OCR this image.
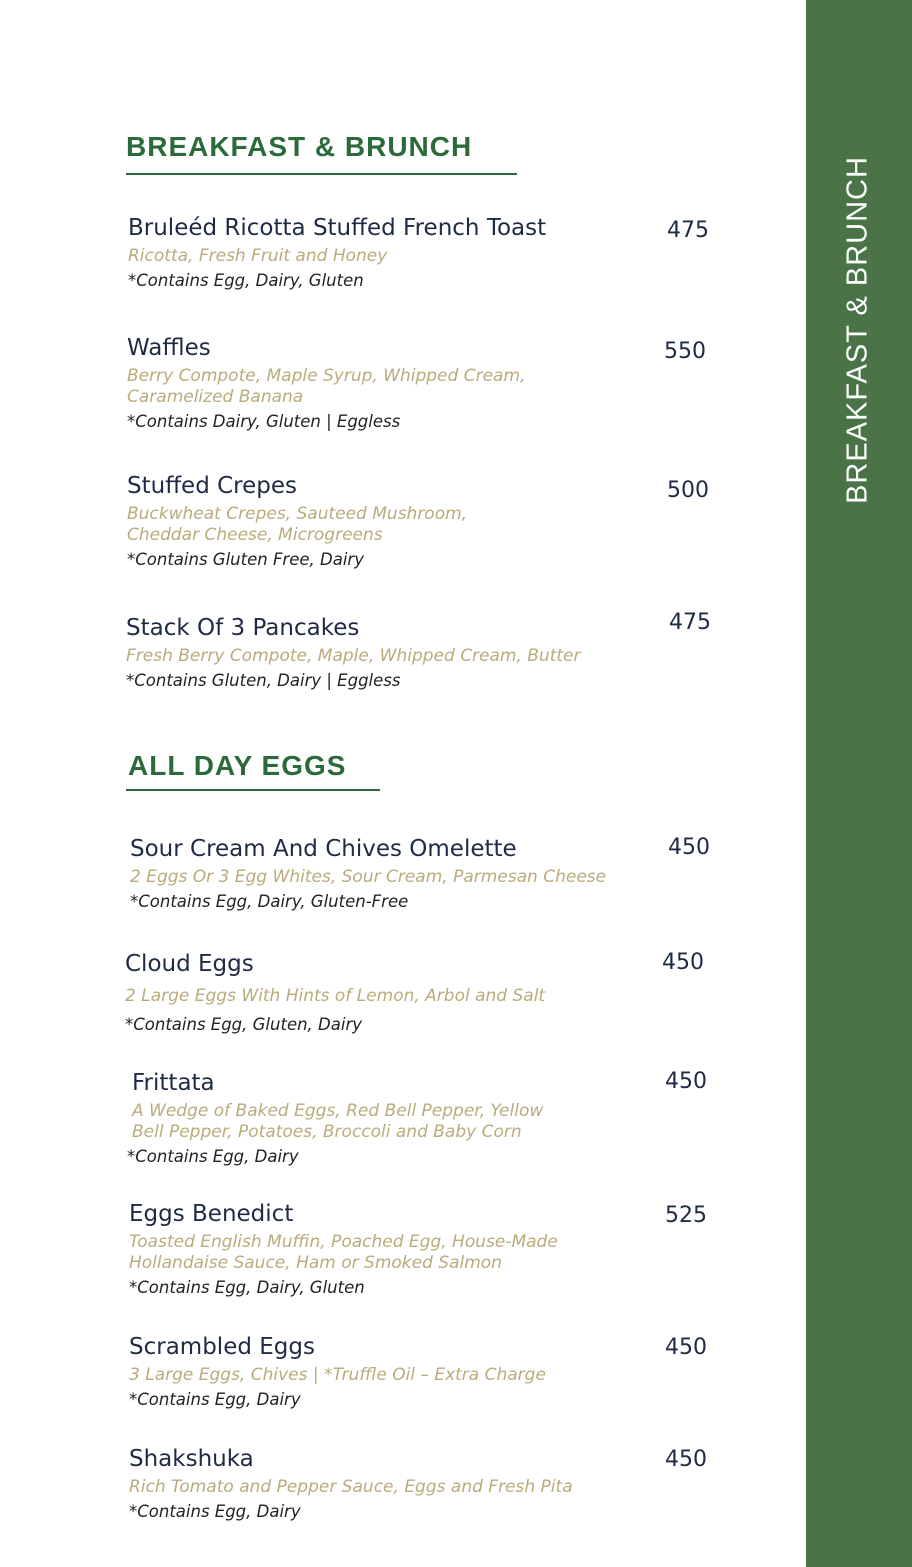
BREAKFAST & BRUNCH
BREAKFAST & BRUNCH
Bruleéd Ricotta Stuffed French Toast
Ricotta, Fresh Fruit and Honey
*Contains Egg, Dairy, Gluten
475
Waffles
Berry Compote, Maple Syrup, Whipped Cream,
Caramelized Banana
*Contains Dairy, Gluten | Eggless
550
Stuffed Crepes
Buckwheat Crepes, Sauteed Mushroom,
Cheddar Cheese, Microgreens
*Contains Gluten Free, Dairy
500
Stack Of 3 Pancakes
Fresh Berry Compote, Maple, Whipped Cream, Butter
*Contains Gluten, Dairy | Eggless
475
ALL DAY EGGS
Sour Cream And Chives Omelette
2 Eggs Or 3 Egg Whites, Sour Cream, Parmesan Cheese
*Contains Egg, Dairy, Gluten-Free
450
Cloud Eggs
2 Large Eggs With Hints of Lemon, Arbol and Salt
*Contains Egg, Gluten, Dairy
450
Frittata
A Wedge of Baked Eggs, Red Bell Pepper, Yellow
Bell Pepper, Potatoes, Broccoli and Baby Corn
*Contains Egg, Dairy
450
Eggs Benedict
Toasted English Muffin, Poached Egg, House-Made
Hollandaise Sauce, Ham or Smoked Salmon
*Contains Egg, Dairy, Gluten
525
Scrambled Eggs
3 Large Eggs, Chives | *Truffle Oil – Extra Charge
*Contains Egg, Dairy
450
Shakshuka
Rich Tomato and Pepper Sauce, Eggs and Fresh Pita
*Contains Egg, Dairy
450
